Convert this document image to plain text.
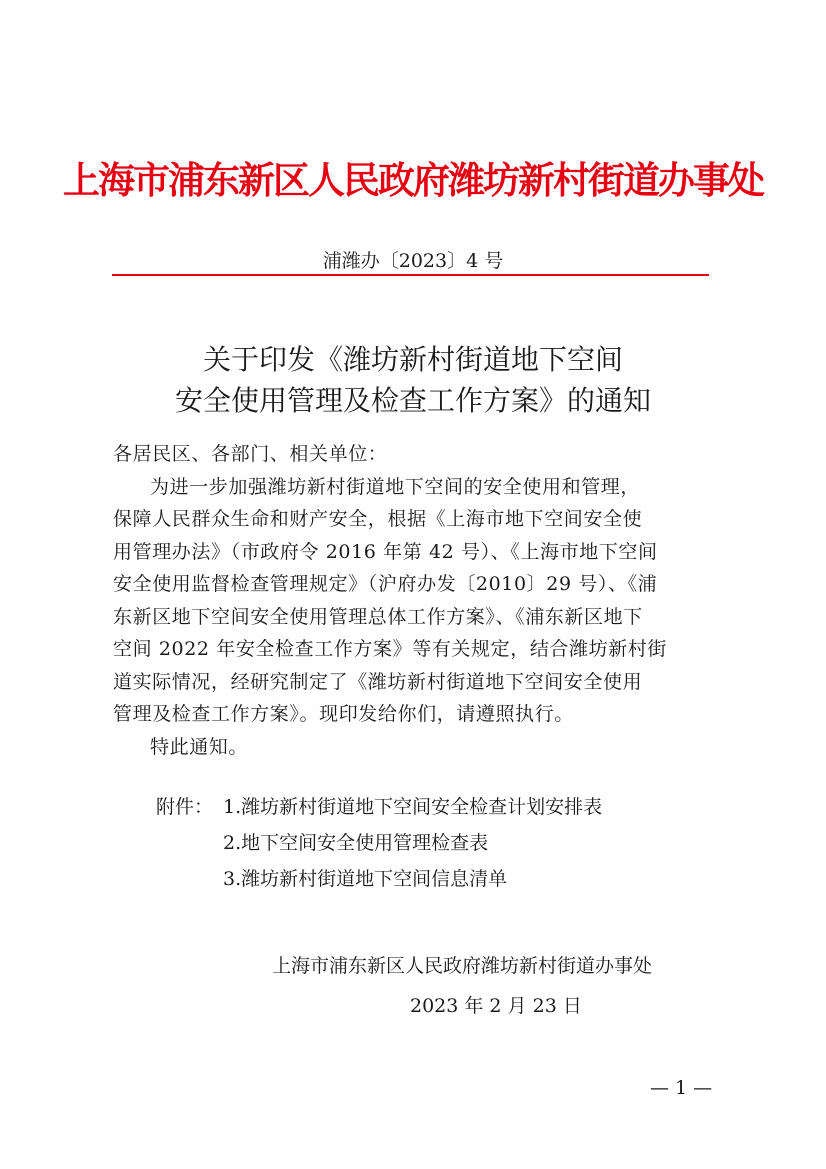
上海市浦东新区人民政府潍坊新村街道办事处
浦潍办〔2023〕4 号
关于印发《潍坊新村街道地下空间
安全使用管理及检查工作方案》的通知
各居民区、各部门、相关单位：
为进一步加强潍坊新村街道地下空间的安全使用和管理，
保障人民群众生命和财产安全，根据《上海市地下空间安全使
用管理办法》（市政府令 2016 年第 42 号）、《上海市地下空间
安全使用监督检查管理规定》（沪府办发〔2010〕29 号）、《浦
东新区地下空间安全使用管理总体工作方案》、《浦东新区地下
空间 2022 年安全检查工作方案》等有关规定，结合潍坊新村街
道实际情况，经研究制定了《潍坊新村街道地下空间安全使用
管理及检查工作方案》。现印发给你们，请遵照执行。
特此通知。
附件： 1.潍坊新村街道地下空间安全检查计划安排表
2.地下空间安全使用管理检查表
3.潍坊新村街道地下空间信息清单
上海市浦东新区人民政府潍坊新村街道办事处
2023 年 2 月 23 日
— 1 —
